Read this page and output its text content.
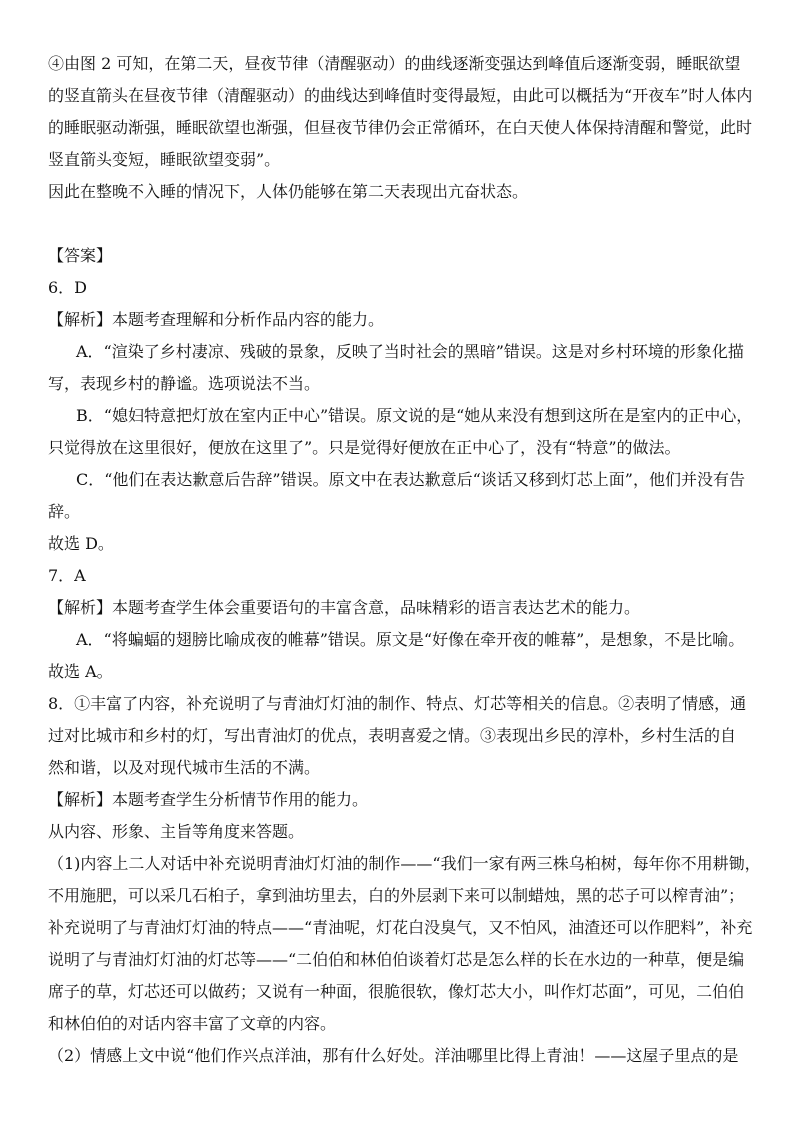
④由图 2 可知，在第二天，昼夜节律（清醒驱动）的曲线逐渐变强达到峰值后逐渐变弱，睡眠欲望
的竖直箭头在昼夜节律（清醒驱动）的曲线达到峰值时变得最短，由此可以概括为“开夜车”时人体内
的睡眠驱动渐强，睡眠欲望也渐强，但昼夜节律仍会正常循环，在白天使人体保持清醒和警觉，此时
竖直箭头变短，睡眠欲望变弱”。
因此在整晚不入睡的情况下，人体仍能够在第二天表现出亢奋状态。
【答案】
6．D
【解析】本题考查理解和分析作品内容的能力。
A．“渲染了乡村凄凉、残破的景象，反映了当时社会的黑暗”错误。这是对乡村环境的形象化描
写，表现乡村的静谧。选项说法不当。
B．“媳妇特意把灯放在室内正中心”错误。原文说的是“她从来没有想到这所在是室内的正中心，
只觉得放在这里很好，便放在这里了”。只是觉得好便放在正中心了，没有“特意”的做法。
C．“他们在表达歉意后告辞”错误。原文中在表达歉意后“谈话又移到灯芯上面”，他们并没有告
辞。
故选 D。
7．A
【解析】本题考查学生体会重要语句的丰富含意，品味精彩的语言表达艺术的能力。
A．“将蝙蝠的翅膀比喻成夜的帷幕”错误。原文是“好像在牵开夜的帷幕”，是想象，不是比喻。
故选 A。
8．①丰富了内容，补充说明了与青油灯灯油的制作、特点、灯芯等相关的信息。②表明了情感，通
过对比城市和乡村的灯，写出青油灯的优点，表明喜爱之情。③表现出乡民的淳朴，乡村生活的自
然和谐，以及对现代城市生活的不满。
【解析】本题考查学生分析情节作用的能力。
从内容、形象、主旨等角度来答题。
（1)内容上二人对话中补充说明青油灯灯油的制作——“我们一家有两三株乌桕树，每年你不用耕锄，
不用施肥，可以采几石桕子，拿到油坊里去，白的外层剥下来可以制蜡烛，黑的芯子可以榨青油”；
补充说明了与青油灯灯油的特点——“青油呢，灯花白没臭气，又不怕风，油渣还可以作肥料”，补充
说明了与青油灯灯油的灯芯等——“二伯伯和林伯伯谈着灯芯是怎么样的长在水边的一种草，便是编
席子的草，灯芯还可以做药；又说有一种面，很脆很软，像灯芯大小，叫作灯芯面”，可见，二伯伯
和林伯伯的对话内容丰富了文章的内容。
（2）情感上文中说“他们作兴点洋油，那有什么好处。洋油哪里比得上青油！——这屋子里点的是
